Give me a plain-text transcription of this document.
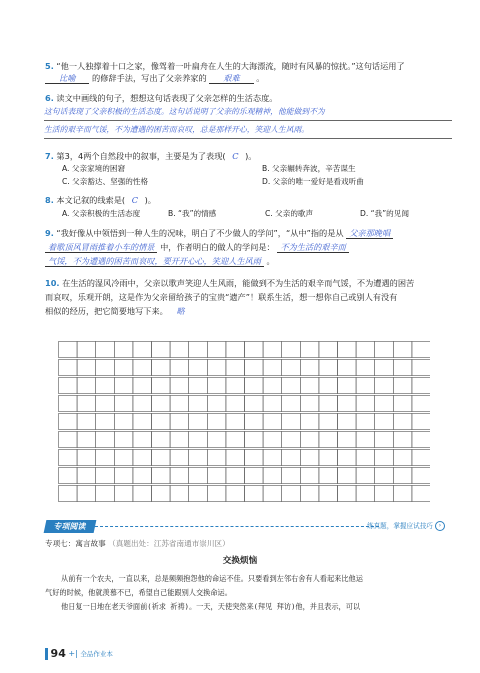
5. “他一人独撑着十口之家，像驾着一叶扁舟在人生的大海漂流，随时有风暴的惊扰。”这句话运用了
比喻 的修辞手法，写出了父亲养家的 艰难 。
6. 读文中画线的句子，想想这句话表现了父亲怎样的生活态度。
这句话表现了父亲积极的生活态度。这句话说明了父亲的乐观精神，他能做到不为
生活的艰辛而气馁，不为遭遇的困苦而哀叹，总是那样开心，笑迎人生风雨。
7. 第3，4两个自然段中的叙事，主要是为了表现( C )。
A. 父亲家境的困窘	B. 父亲辗转奔波，辛苦谋生
C. 父亲豁达、坚强的性格	D. 父亲的唯一爱好是看戏听曲
8. 本文记叙的线索是( C )。
A. 父亲积极的生活态度	B. “我”的情感	C. 父亲的歌声	D. “我”的见闻
9. “我好像从中领悟到一种人生的况味，明白了不少做人的学问”，“从中”指的是从 父亲那晚唱
着歌顶风冒雨推着小车的情景 中，作者明白的做人的学问是： 不为生活的艰辛而
气馁，不为遭遇的困苦而哀叹，要开开心心，笑迎人生风雨 。
10. 在生活的湿风冷雨中，父亲以歌声笑迎人生风雨，能做到不为生活的艰辛而气馁，不为遭遇的困苦
而哀叹，乐观开朗，这是作为父亲留给孩子的宝贵“遗产”！联系生活，想一想你自己或别人有没有
相似的经历，把它简要地写下来。 略
专项阅读	练真题，掌握应试技巧 ›
专项七：寓言故事 （真题出处：江苏省南通市崇川区）
交换烦恼
从前有一个农夫，一直以来，总是频频抱怨他的命运不佳。只要看到左邻右舍有人看起来比他运
气好的时候，他就羡慕不已，希望自己能跟别人交换命运。
他日复一日地在老天爷面前(祈求 祈祷)。一天，天使突然来(拜见 拜访)他，并且表示，可以
94 +| 全品作业本
